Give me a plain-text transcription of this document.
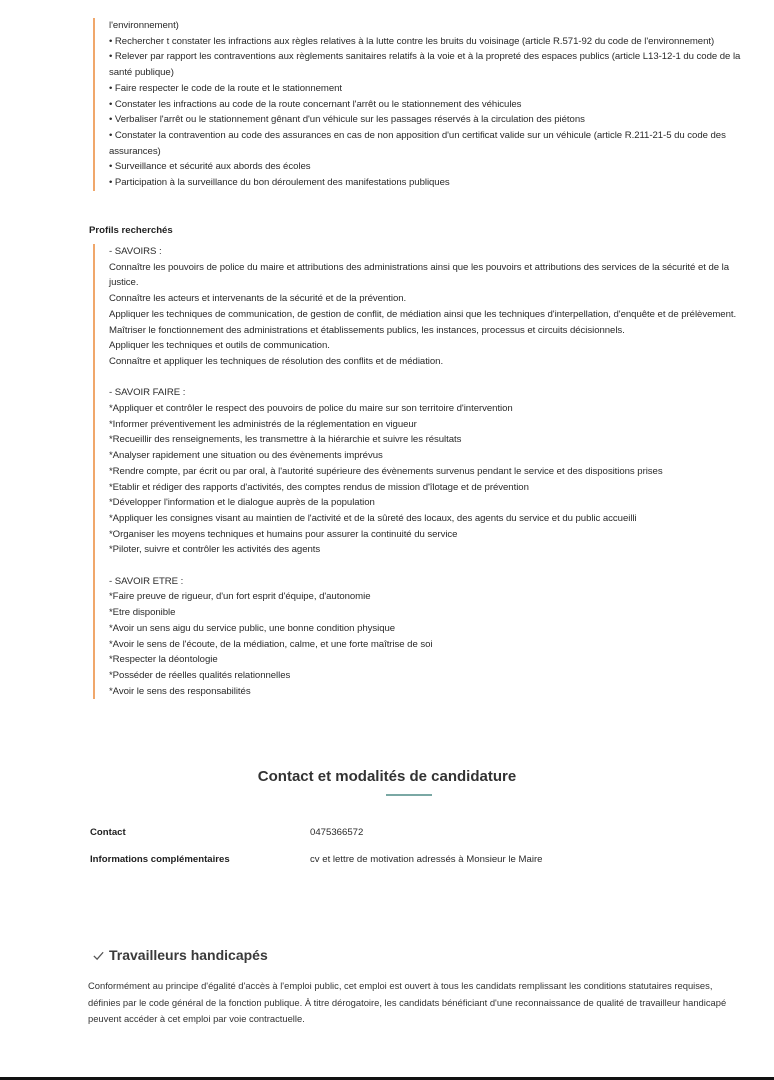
l'environnement)
• Rechercher t constater les infractions aux règles relatives à la lutte contre les bruits du voisinage (article R.571-92 du code de l'environnement)
• Relever par rapport les contraventions aux règlements sanitaires relatifs à la voie et à la propreté des espaces publics (article L13-12-1 du code de la santé publique)
• Faire respecter le code de la route et le stationnement
• Constater les infractions au code de la route concernant l'arrêt ou le stationnement des véhicules
• Verbaliser l'arrêt ou le stationnement gênant d'un véhicule sur les passages réservés à la circulation des piétons
• Constater la contravention au code des assurances en cas de non apposition d'un certificat valide sur un véhicule (article R.211-21-5 du code des assurances)
• Surveillance et sécurité aux abords des écoles
• Participation à la surveillance du bon déroulement des manifestations publiques
Profils recherchés
- SAVOIRS :
Connaître les pouvoirs de police du maire et attributions des administrations ainsi que les pouvoirs et attributions des services de la sécurité et de la justice.
Connaître les acteurs et intervenants de la sécurité et de la prévention.
Appliquer les techniques de communication, de gestion de conflit, de médiation ainsi que les techniques d'interpellation, d'enquête et de prélèvement.
Maîtriser le fonctionnement des administrations et établissements publics, les instances, processus et circuits décisionnels.
Appliquer les techniques et outils de communication.
Connaître et appliquer les techniques de résolution des conflits et de médiation.
- SAVOIR FAIRE :
*Appliquer et contrôler le respect des pouvoirs de police du maire sur son territoire d'intervention
*Informer préventivement les administrés de la réglementation en vigueur
*Recueillir des renseignements, les transmettre à la hiérarchie et suivre les résultats
*Analyser rapidement une situation ou des évènements imprévus
*Rendre compte, par écrit ou par oral, à l'autorité supérieure des évènements survenus pendant le service et des dispositions prises
*Etablir et rédiger des rapports d'activités, des comptes rendus de mission d'îlotage et de prévention
*Développer l'information et le dialogue auprès de la population
*Appliquer les consignes visant au maintien de l'activité et de la sûreté des locaux, des agents du service et du public accueilli
*Organiser les moyens techniques et humains pour assurer la continuité du service
*Piloter, suivre et contrôler les activités des agents
- SAVOIR ETRE :
*Faire preuve de rigueur, d'un fort esprit d'équipe, d'autonomie
*Etre disponible
*Avoir un sens aigu du service public, une bonne condition physique
*Avoir le sens de l'écoute, de la médiation, calme, et une forte maîtrise de soi
*Respecter la déontologie
*Posséder de réelles qualités relationnelles
*Avoir le sens des responsabilités
Contact et modalités de candidature
Contact	0475366572
Informations complémentaires	cv et lettre de motivation adressés à Monsieur le Maire
Travailleurs handicapés
Conformément au principe d'égalité d'accès à l'emploi public, cet emploi est ouvert à tous les candidats remplissant les conditions statutaires requises, définies par le code général de la fonction publique. À titre dérogatoire, les candidats bénéficiant d'une reconnaissance de qualité de travailleur handicapé peuvent accéder à cet emploi par voie contractuelle.
